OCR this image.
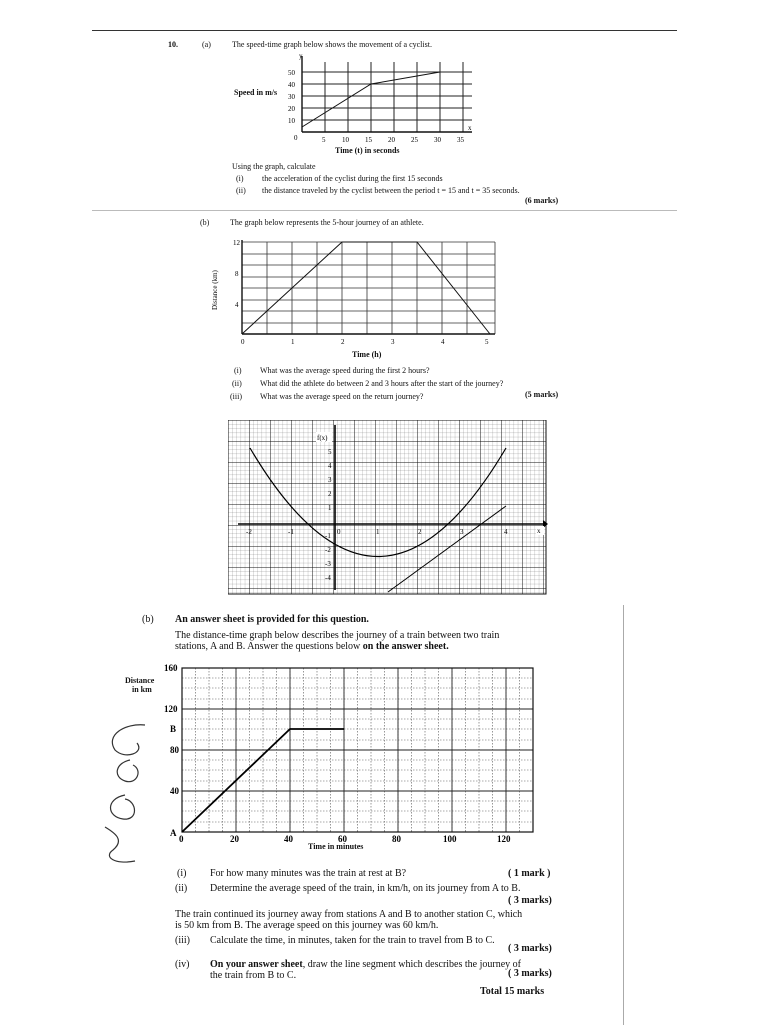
10.	(a)	The speed-time graph below shows the movement of a cyclist.
Speed in m/s
y
x
50
40
30
20
10
0	5 10 15 20 25 30 35
Time (t) in seconds
Using the graph, calculate
(i) the acceleration of the cyclist during the first 15 seconds
(ii) the distance traveled by the cyclist between the period t = 15 and t = 35 seconds.
(6 marks)
(b)	The graph below represents the 5-hour journey of an athlete.
12
8
4
0	1	2	3	4	5
Distance (km)
Time (h)
(i) What was the average speed during the first 2 hours?
(ii) What did the athlete do between 2 and 3 hours after the start of the journey?
(iii) What was the average speed on the return journey?	(5 marks)
f(x)
x
5
4
3
2
1
-1
-2
-3
-4
-2	-1	0	1	2	3	4
(b) An answer sheet is provided for this question.
The distance-time graph below describes the journey of a train between two train
stations, A and B. Answer the questions below on the answer sheet.
Distance
in km
160
120
B
80
40
A
0	20	40	60	80	100	120
Time in minutes
(i) For how many minutes was the train at rest at B?	( 1 mark )
(ii) Determine the average speed of the train, in km/h, on its journey from A to B.
( 3 marks)
The train continued its journey away from stations A and B to another station C, which
is 50 km from B. The average speed on this journey was 60 km/h.
(iii) Calculate the time, in minutes, taken for the train to travel from B to C.
( 3 marks)
(iv) On your answer sheet, draw the line segment which describes the journey of
the train from B to C.	( 3 marks)
Total 15 marks
